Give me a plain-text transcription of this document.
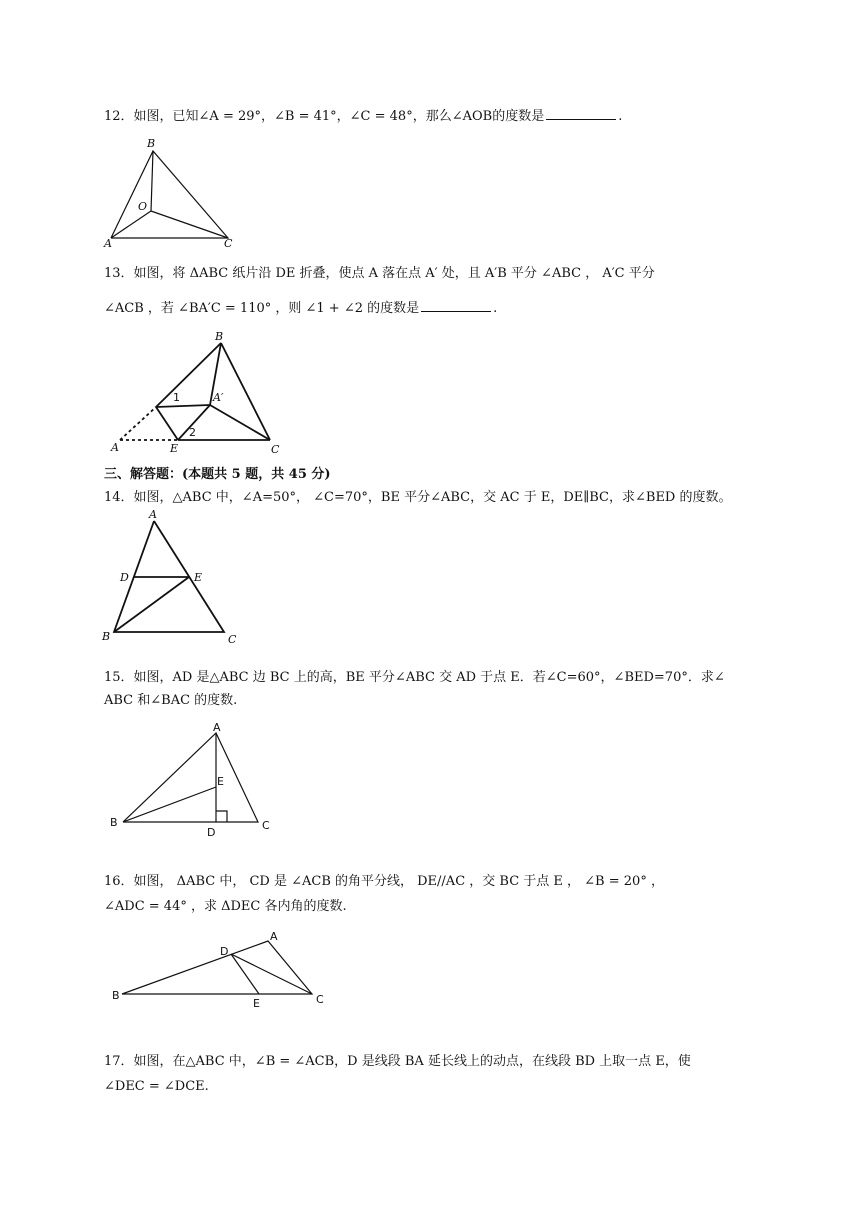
12．如图，已知∠A = 29°，∠B = 41°，∠C = 48°，那么∠AOB的度数是	.
B
O
A	C
13．如图，将 ΔABC 纸片沿 DE 折叠，使点 A 落在点 A′ 处，且 A′B 平分 ∠ABC ， A′C 平分
∠ACB ，若 ∠BA′C = 110° ，则 ∠1 + ∠2 的度数是	.
B
A′
1
2
A	E	C
三、解答题：(本题共 5 题，共 45 分)
14．如图，△ABC 中，∠A=50°， ∠C=70°，BE 平分∠ABC，交 AC 于 E，DE∥BC，求∠BED 的度数。
A
D	E
B	C
15．如图，AD 是△ABC 边 BC 上的高，BE 平分∠ABC 交 AD 于点 E．若∠C=60°，∠BED=70°．求∠
ABC 和∠BAC 的度数.
A
E
B
D
C
16．如图， ΔABC 中， CD 是 ∠ACB 的角平分线， DE//AC ，交 BC 于点 E ， ∠B = 20° ，
∠ADC = 44° ，求 ΔDEC 各内角的度数.
A
D
B
E	C
17．如图，在△ABC 中，∠B = ∠ACB，D 是线段 BA 延长线上的动点，在线段 BD 上取一点 E，使
∠DEC = ∠DCE.
